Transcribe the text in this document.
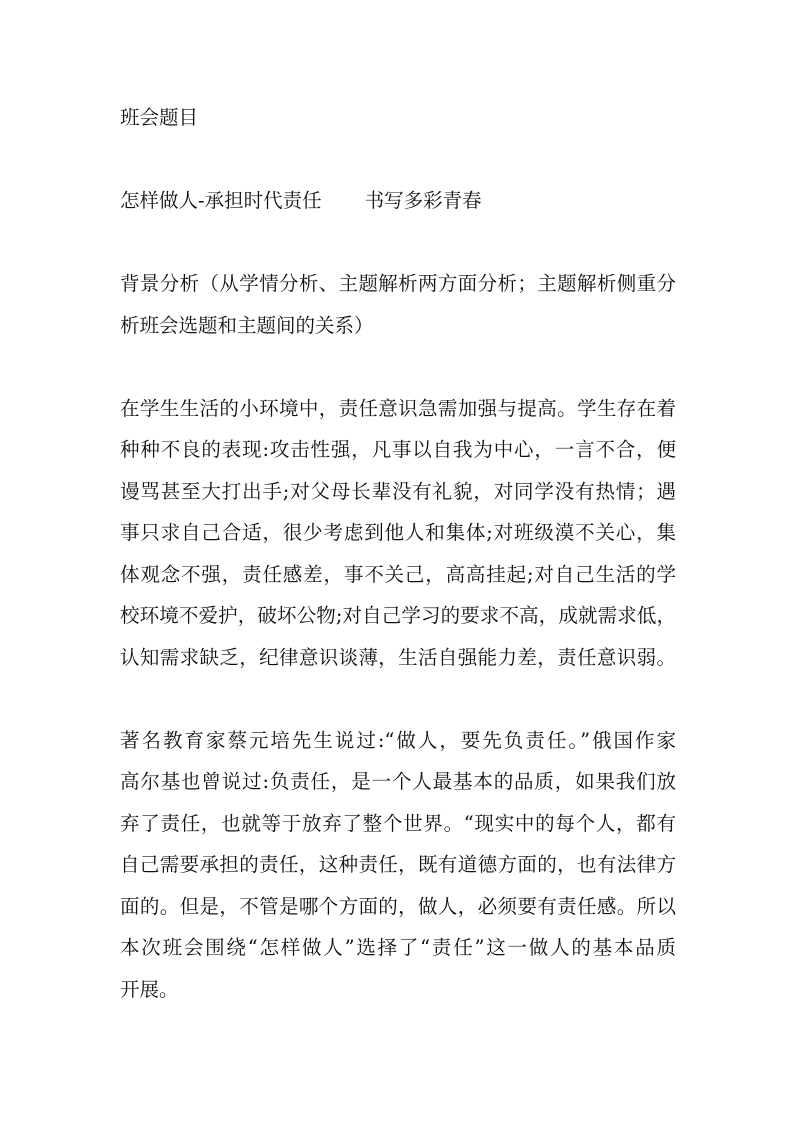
班会题目
怎样做人-承担时代责任 书写多彩青春
背景分析（从学情分析、主题解析两方面分析；主题解析侧重分
析班会选题和主题间的关系）
在学生生活的小环境中，责任意识急需加强与提高。学生存在着
种种不良的表现:攻击性强，凡事以自我为中心，一言不合，便
谩骂甚至大打出手;对父母长辈没有礼貌，对同学没有热情；遇
事只求自己合适，很少考虑到他人和集体;对班级漠不关心，集
体观念不强，责任感差，事不关己，高高挂起;对自己生活的学
校环境不爱护，破坏公物;对自己学习的要求不高，成就需求低，
认知需求缺乏，纪律意识谈薄，生活自强能力差，责任意识弱。
著名教育家蔡元培先生说过:“做人，要先负责任。”俄国作家
高尔基也曾说过:负责任，是一个人最基本的品质，如果我们放
弃了责任，也就等于放弃了整个世界。“现实中的每个人，都有
自己需要承担的责任，这种责任，既有道德方面的，也有法律方
面的。但是，不管是哪个方面的，做人，必须要有责任感。所以
本次班会围绕“怎样做人”选择了“责任”这一做人的基本品质
开展。
